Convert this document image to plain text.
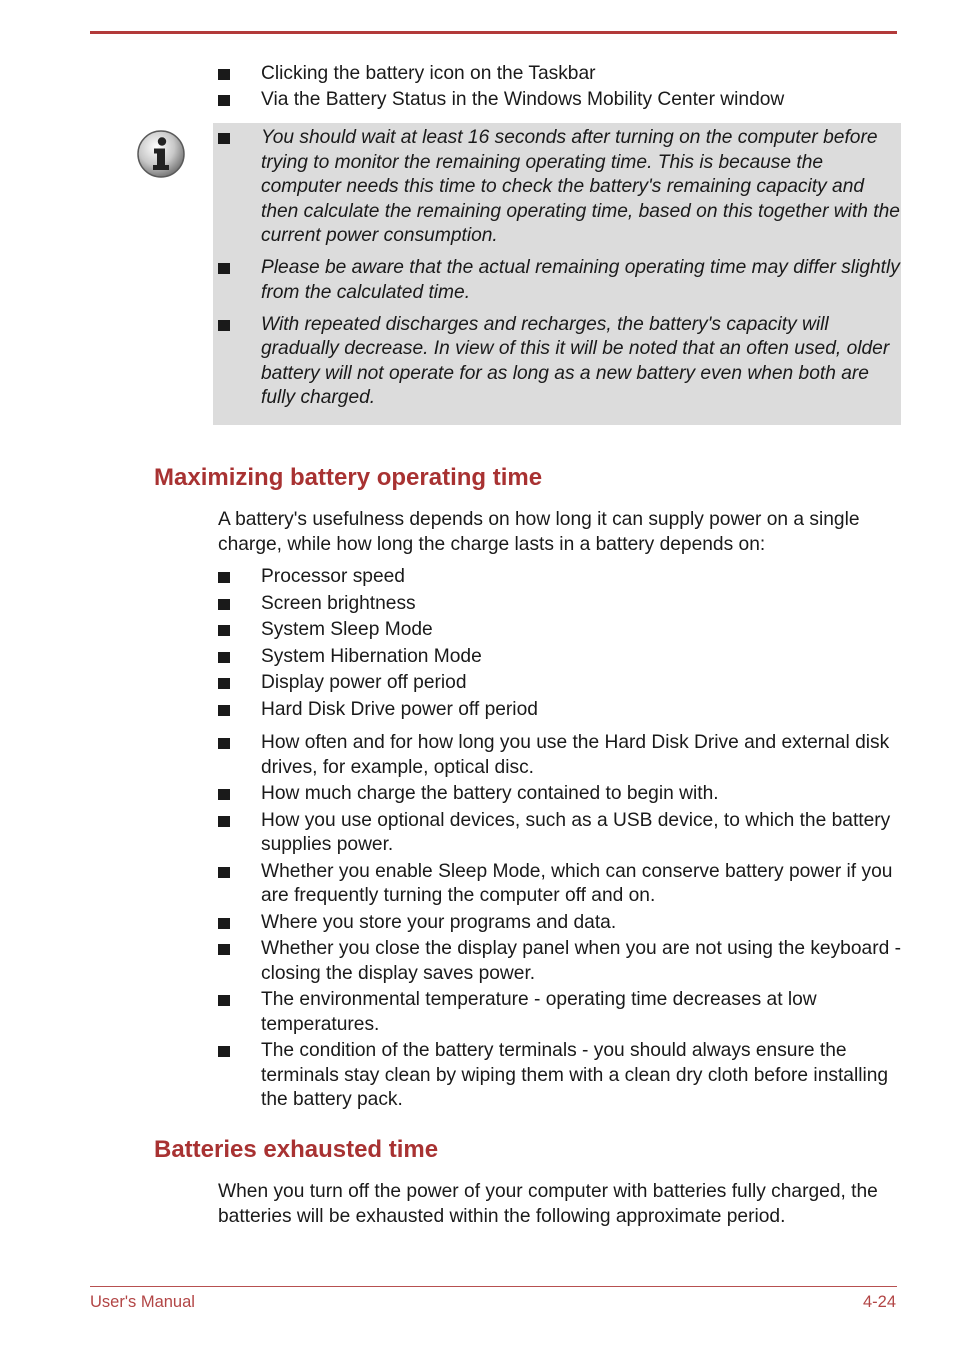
Clicking the battery icon on the Taskbar
Via the Battery Status in the Windows Mobility Center window
You should wait at least 16 seconds after turning on the computer before trying to monitor the remaining operating time. This is because the computer needs this time to check the battery's remaining capacity and then calculate the remaining operating time, based on this together with the current power consumption.
Please be aware that the actual remaining operating time may differ slightly from the calculated time.
With repeated discharges and recharges, the battery's capacity will gradually decrease. In view of this it will be noted that an often used, older battery will not operate for as long as a new battery even when both are fully charged.
Maximizing battery operating time

A battery's usefulness depends on how long it can supply power on a single charge, while how long the charge lasts in a battery depends on:

Processor speed
Screen brightness
System Sleep Mode
System Hibernation Mode
Display power off period
Hard Disk Drive power off period
How often and for how long you use the Hard Disk Drive and external disk drives, for example, optical disc.
How much charge the battery contained to begin with.
How you use optional devices, such as a USB device, to which the battery supplies power.
Whether you enable Sleep Mode, which can conserve battery power if you are frequently turning the computer off and on.
Where you store your programs and data.
Whether you close the display panel when you are not using the keyboard - closing the display saves power.
The environmental temperature - operating time decreases at low temperatures.
The condition of the battery terminals - you should always ensure the terminals stay clean by wiping them with a clean dry cloth before installing the battery pack.
Batteries exhausted time

When you turn off the power of your computer with batteries fully charged, the batteries will be exhausted within the following approximate period.

User's Manual	4-24
